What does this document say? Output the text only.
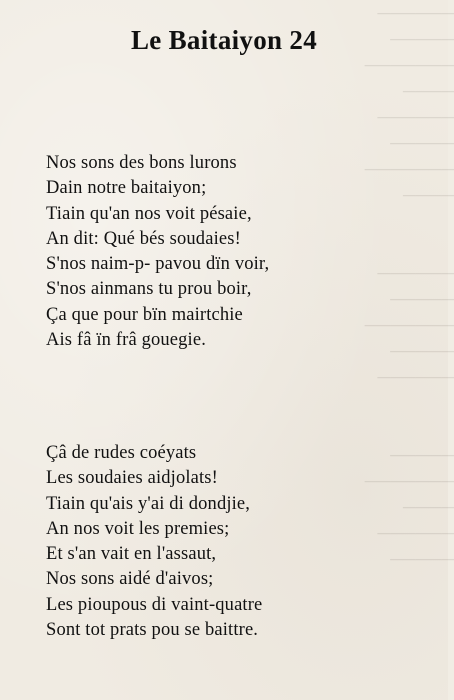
──────
─────
───────
────
──────
─────
───────
────

──────
─────
───────
─────
──────

─────
───────
────
──────
─────
Le Baitaiyon 24
Nos sons des bons lurons
Dain notre baitaiyon;
Tiain qu'an nos voit pésaie,
An dit: Qué bés soudaies!
S'nos naim-p- pavou dïn voir,
S'nos ainmans tu prou boir,
Ça que pour bïn mairtchie
Ais fâ ïn frâ gouegie.
Çâ de rudes coéyats
Les soudaies aidjolats!
Tiain qu'ais y'ai di dondjie,
An nos voit les premies;
Et s'an vait en l'assaut,
Nos sons aidé d'aivos;
Les pioupous di vaint-quatre
Sont tot prats pou se baittre.
